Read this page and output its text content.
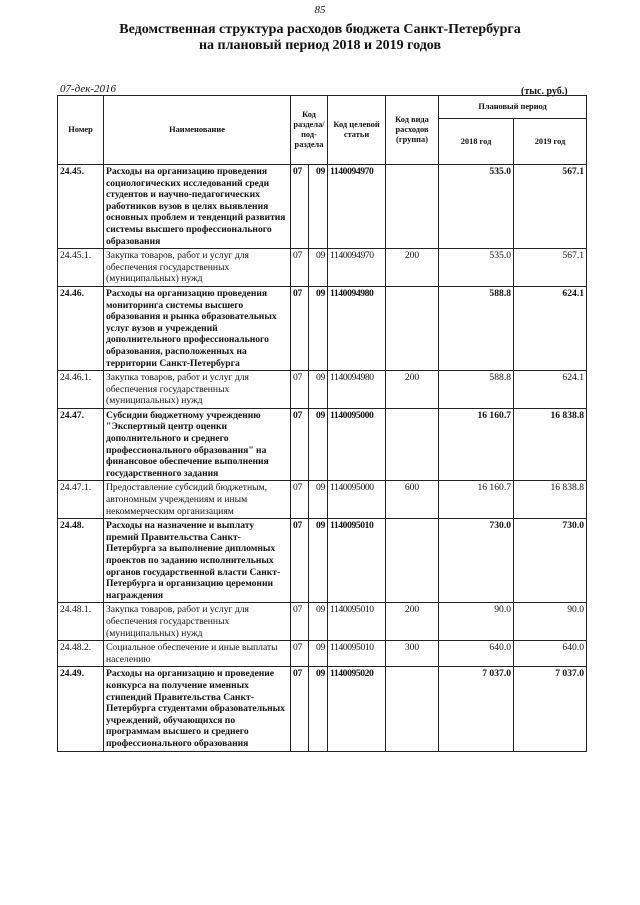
85
Ведомственная структура расходов бюджета Санкт-Петербурга
на плановый период 2018 и 2019 годов
07-дек-2016	(тыс. руб.)
Номер	Наименование	Код раздела/ под-раздела		Код целевой статьи	Код вида расходов (группа)	Плановый период	
						2018 год	2019 год
24.45.	Расходы на организацию проведения социологических исследований среди студентов и научно-педагогических работников вузов в целях выявления основных проблем и тенденций развития системы высшего профессионального образования	07	09	1140094970		535.0	567.1
24.45.1.	Закупка товаров, работ и услуг для обеспечения государственных (муниципальных) нужд	07	09	1140094970	200	535.0	567.1
24.46.	Расходы на организацию проведения мониторинга системы высшего образования и рынка образовательных услуг вузов и учреждений дополнительного профессионального образования, расположенных на территории Санкт-Петербурга	07	09	1140094980		588.8	624.1
24.46.1.	Закупка товаров, работ и услуг для обеспечения государственных (муниципальных) нужд	07	09	1140094980	200	588.8	624.1
24.47.	Субсидии бюджетному учреждению "Экспертный центр оценки дополнительного и среднего профессионального образования" на финансовое обеспечение выполнения государственного задания	07	09	1140095000		16 160.7	16 838.8
24.47.1.	Предоставление субсидий бюджетным, автономным учреждениям и иным некоммерческим организациям	07	09	1140095000	600	16 160.7	16 838.8
24.48.	Расходы на назначение и выплату премий Правительства Санкт-Петербурга за выполнение дипломных проектов по заданию исполнительных органов государственной власти Санкт-Петербурга и организацию церемонии награждения	07	09	1140095010		730.0	730.0
24.48.1.	Закупка товаров, работ и услуг для обеспечения государственных (муниципальных) нужд	07	09	1140095010	200	90.0	90.0
24.48.2.	Социальное обеспечение и иные выплаты населению	07	09	1140095010	300	640.0	640.0
24.49.	Расходы на организацию и проведение конкурса на получение именных стипендий Правительства Санкт-Петербурга студентами образовательных учреждений, обучающихся по программам высшего и среднего профессионального образования	07	09	1140095020		7 037.0	7 037.0
